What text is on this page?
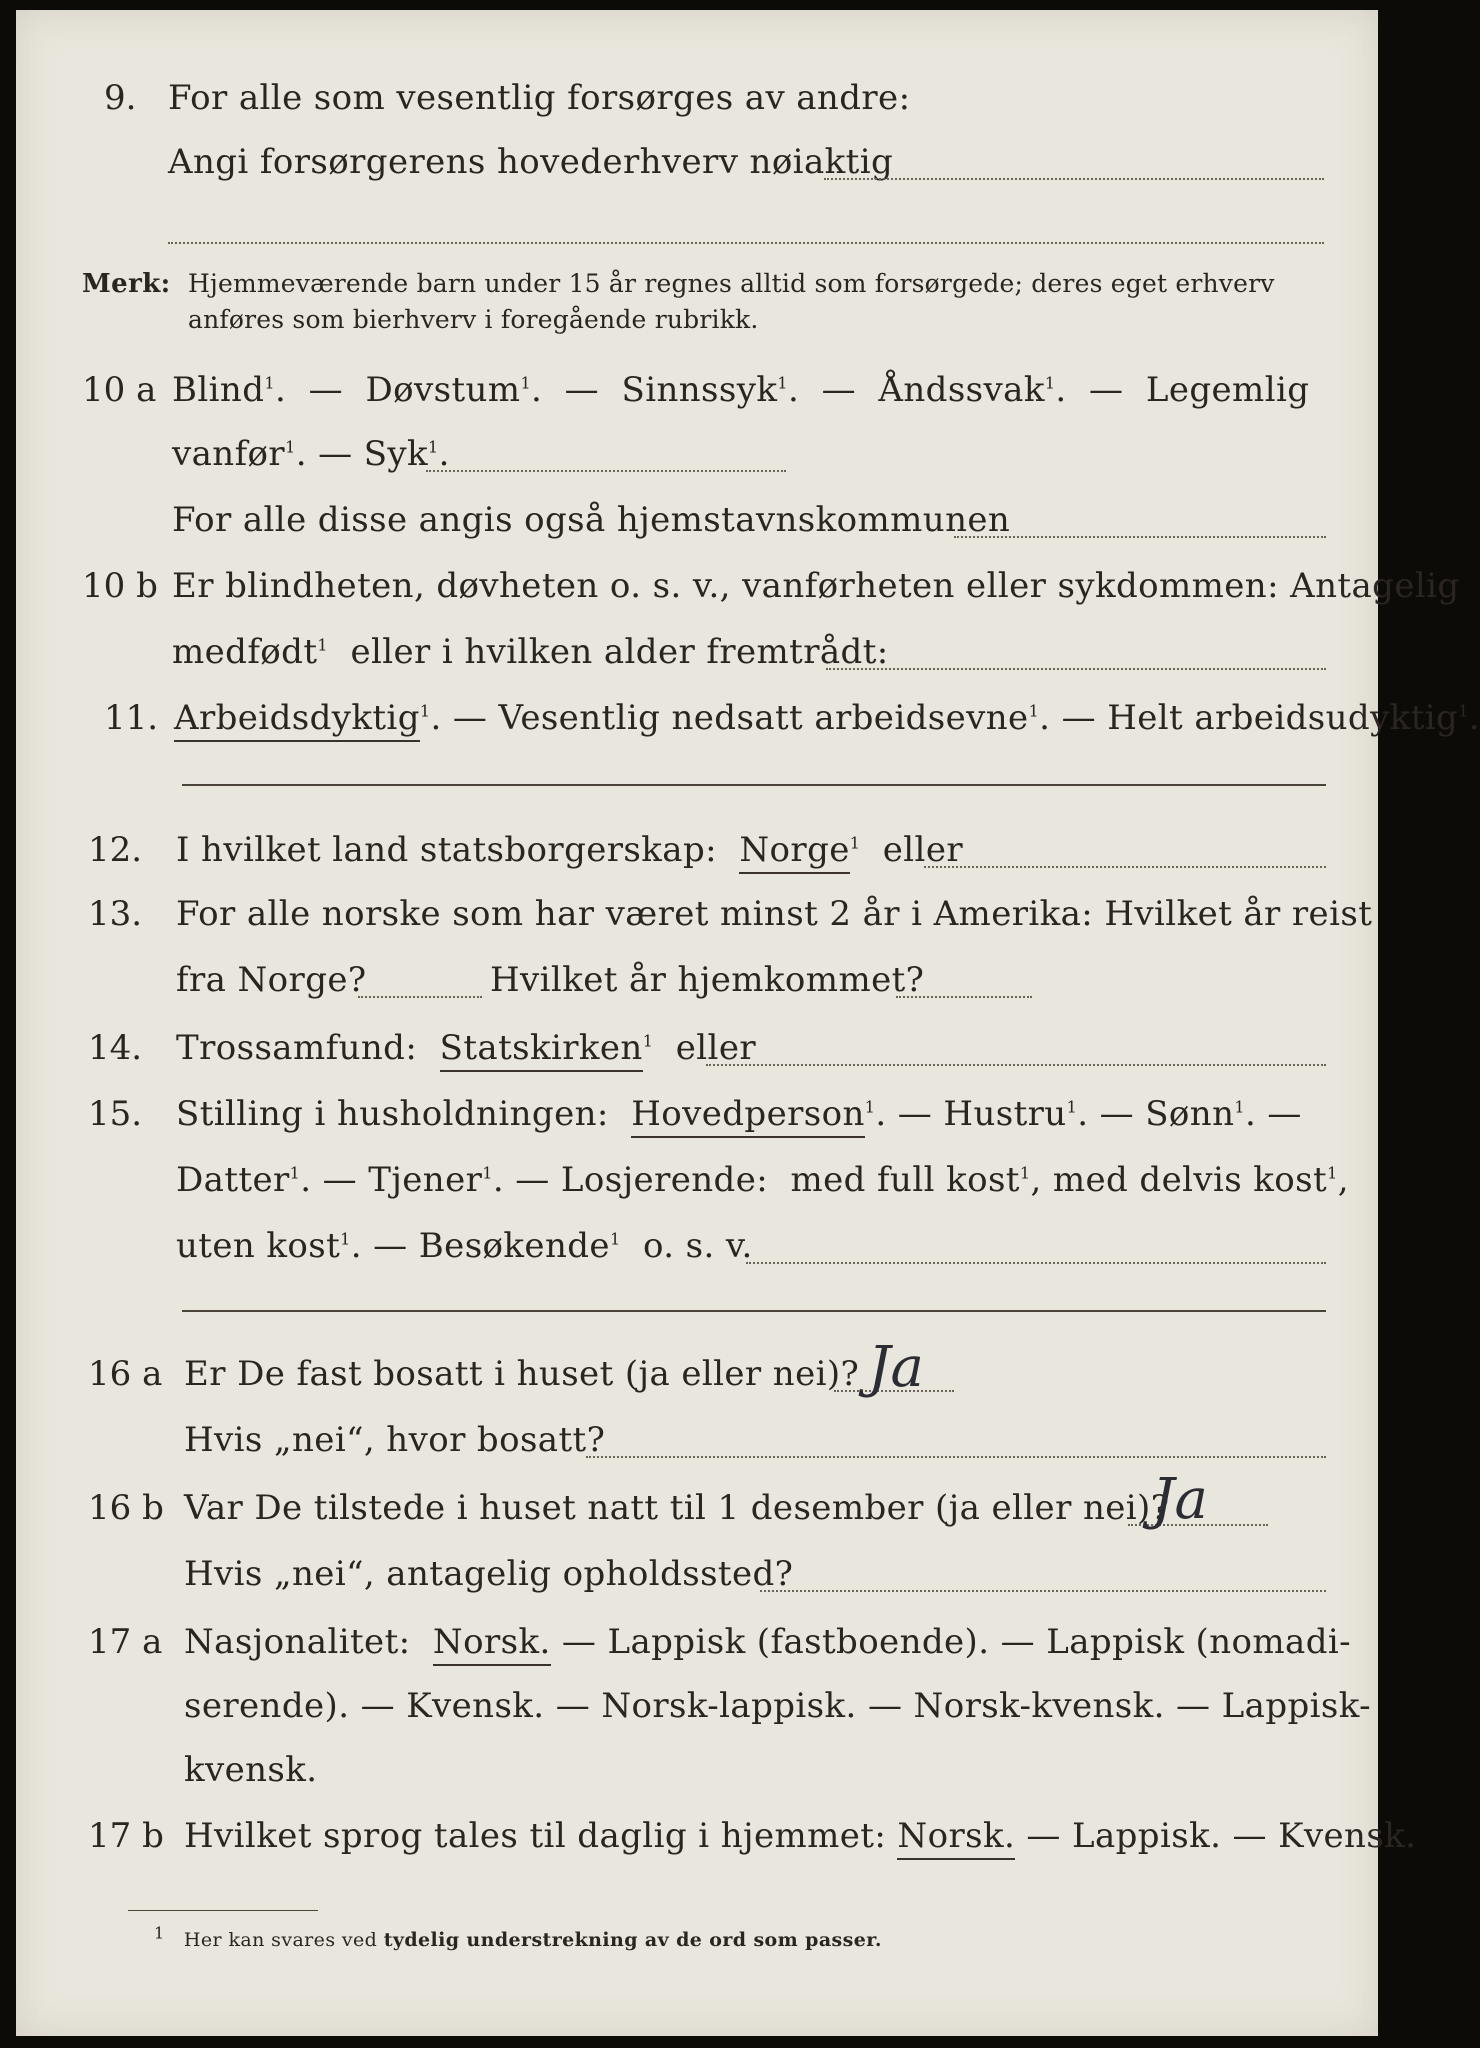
9. For alle som vesentlig forsørges av andre:
Angi forsørgerens hovederhverv nøiaktig
Merk: Hjemmeværende barn under 15 år regnes alltid som forsørgede; deres eget erhverv
anføres som bierhverv i foregående rubrikk.
10 a Blind$^1$.  —  Døvstum$^1$.  —  Sinnssyk$^1$.  —  Åndssvak$^1$.  —  Legemlig
vanfør$^1$. — Syk$^1$.
For alle disse angis også hjemstavnskommunen
10 b Er blindheten, døvheten o. s. v., vanførheten eller sykdommen: Antagelig
medfødt$^1$ eller i hvilken alder fremtrådt:
11. Arbeidsdyktig$^1$. — Vesentlig nedsatt arbeidsevne$^1$. — Helt arbeidsudyktig$^1$.
12. I hvilket land statsborgerskap: Norge$^1$ eller
13. For alle norske som har været minst 2 år i Amerika: Hvilket år reist
fra Norge?	Hvilket år hjemkommet?
14. Trossamfund: Statskirken$^1$ eller
15. Stilling i husholdningen: Hovedperson$^1$. — Hustru$^1$. — Sønn$^1$. —
Datter$^1$. — Tjener$^1$. — Losjerende: med full kost$^1$, med delvis kost$^1$,
uten kost$^1$. — Besøkende$^1$ o. s. v.
16 a Er De fast bosatt i huset (ja eller nei)? Ja
Hvis „nei“, hvor bosatt?
16 b Var De tilstede i huset natt til 1 desember (ja eller nei)?
Ja
Hvis „nei“, antagelig opholdssted?
17 a Nasjonalitet: Norsk. — Lappisk (fastboende). — Lappisk (nomadi-
serende). — Kvensk. — Norsk-lappisk. — Norsk-kvensk. — Lappisk-
kvensk.
17 b Hvilket sprog tales til daglig i hjemmet: Norsk. — Lappisk. — Kvensk.
$^1$ Her kan svares ved tydelig understrekning av de ord som passer.
